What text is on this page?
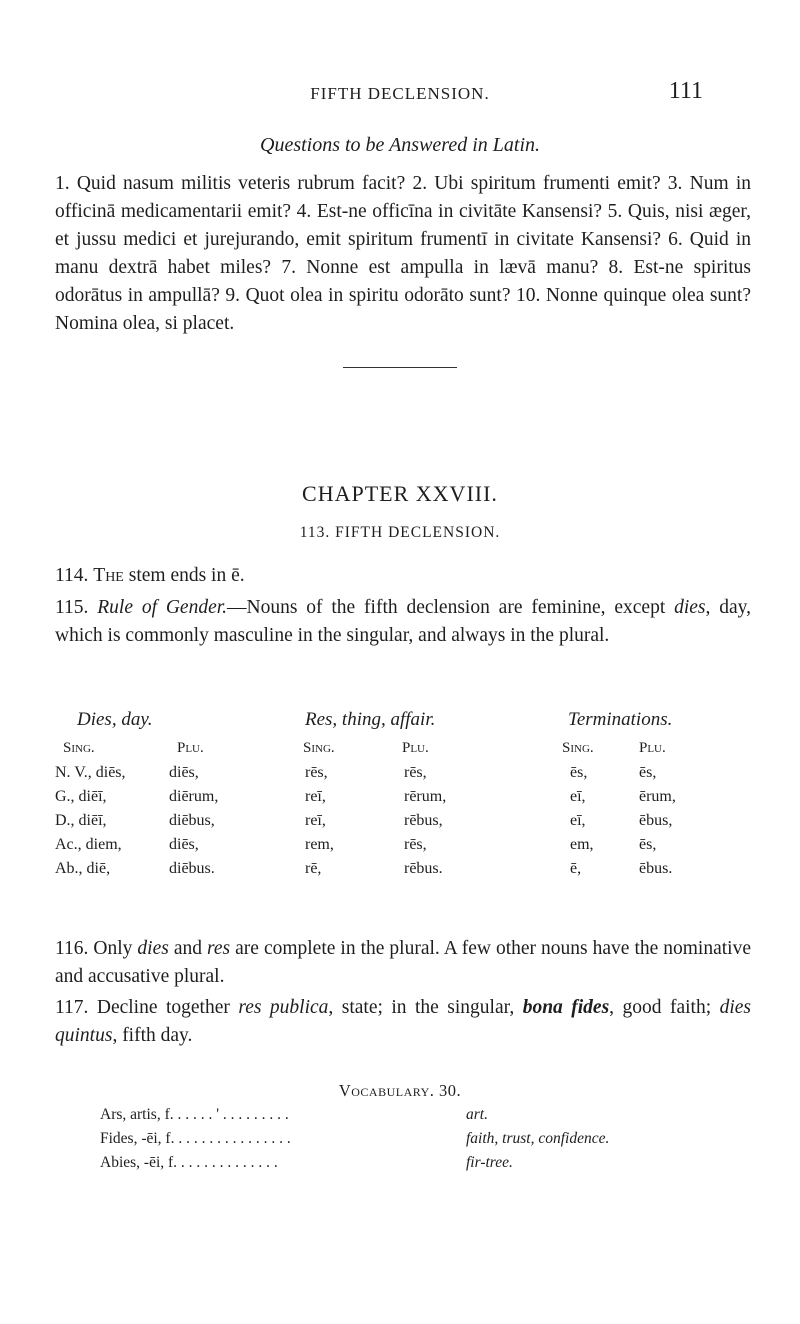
FIFTH DECLENSION.	111
Questions to be Answered in Latin.
1. Quid nasum militis veteris rubrum facit? 2. Ubi spiritum frumenti emit? 3. Num in officinā medicamentarii emit? 4. Est-ne officīna in civitāte Kansensi? 5. Quis, nisi æger, et jussu medici et jurejurando, emit spiritum frumentī in civitate Kansensi? 6. Quid in manu dextrā habet miles? 7. Nonne est ampulla in lævā manu? 8. Est-ne spiritus odorātus in ampullā? 9. Quot olea in spiritu odorāto sunt? 10. Nonne quinque olea sunt? Nomina olea, si placet.
CHAPTER XXVIII.
113. FIFTH DECLENSION.
114. The stem ends in ē.
115. Rule of Gender.—Nouns of the fifth declension are feminine, except dies, day, which is commonly masculine in the singular, and always in the plural.
Dies, day.		Res, thing, affair.		Terminations.	
Sing.	Plu.	Sing.	Plu.	Sing.	Plu.
N. V., diēs,	diēs,	rēs,	rēs,	ēs,	ēs,
G., diēī,	diērum,	reī,	rērum,	eī,	ērum,
D., diēī,	diēbus,	reī,	rēbus,	eī,	ēbus,
Ac., diem,	diēs,	rem,	rēs,	em,	ēs,
Ab., diē,	diēbus.	rē,	rēbus.	ē,	ēbus.
116. Only dies and res are complete in the plural. A few other nouns have the nominative and accusative plural.
117. Decline together res publica, state; in the singular, bona fides, good faith; dies quintus, fifth day.
Vocabulary. 30.
Ars, artis, f. . . . . . ' . . . . . . . . .	art.
Fides, -ēi, f. . . . . . . . . . . . . . . .	faith, trust, confidence.
Abies, -ēi, f. . . . . . . . . . . . . .	fir-tree.
